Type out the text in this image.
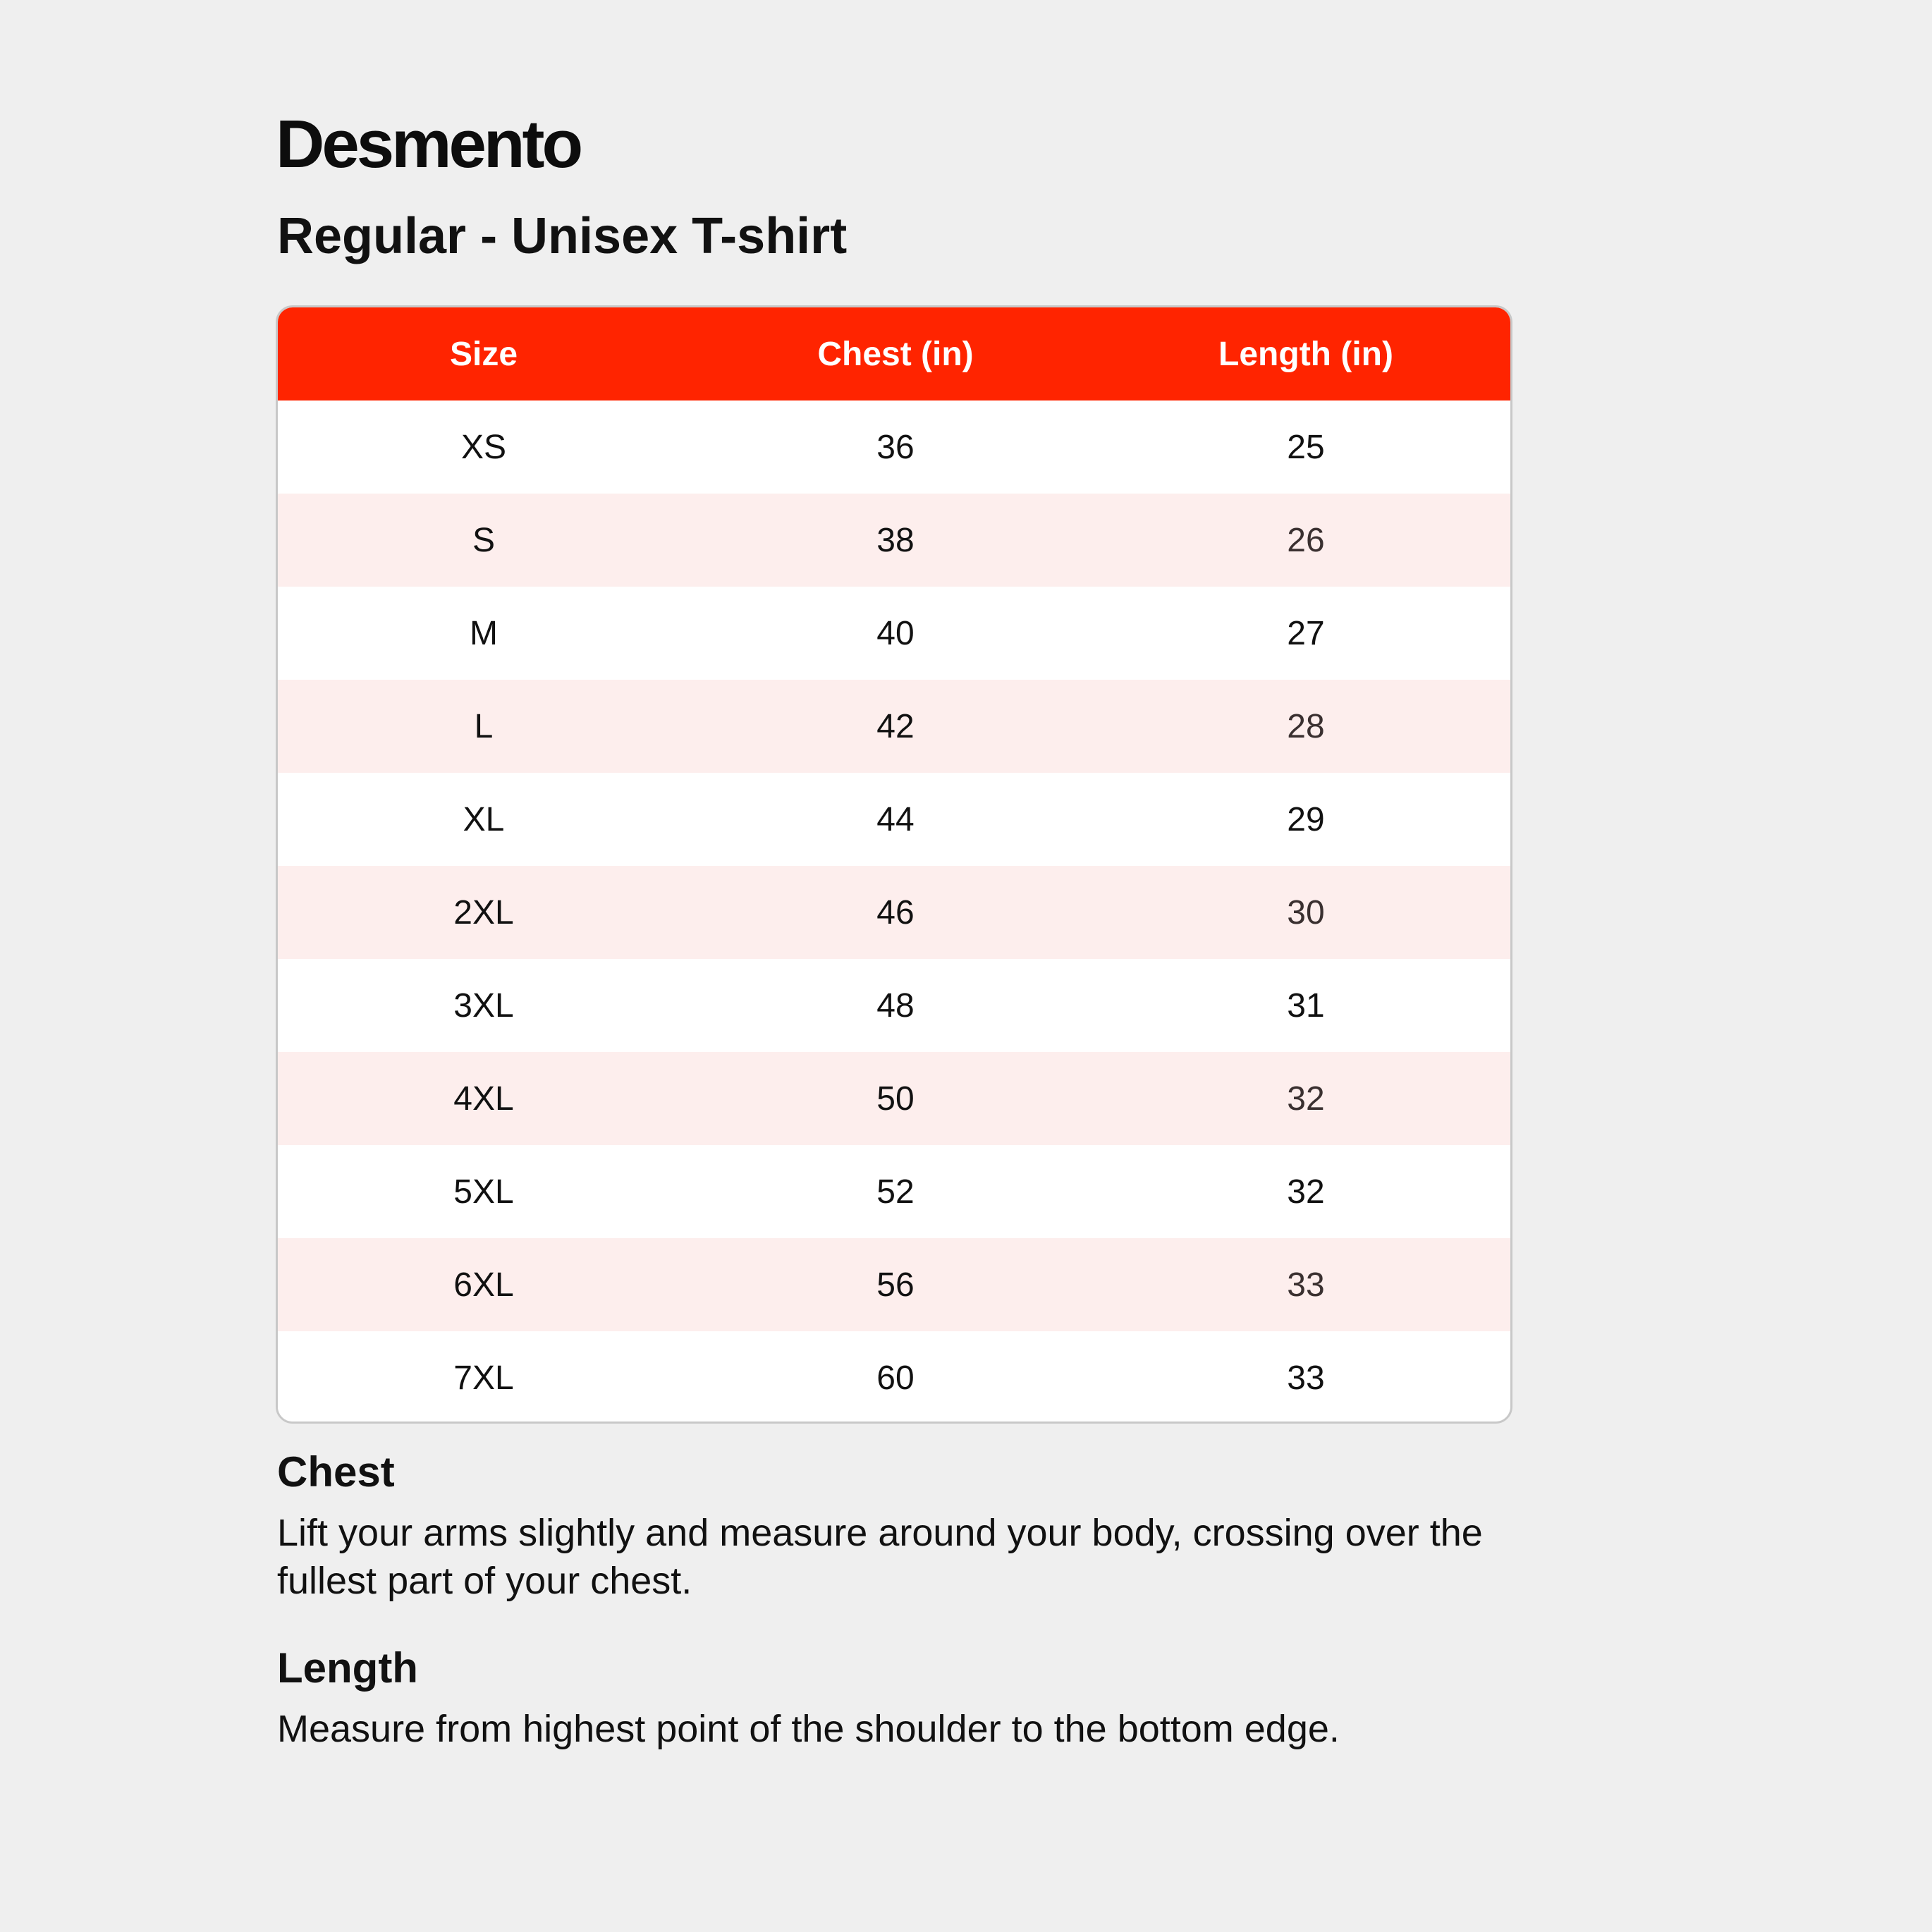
Desmento
Regular - Unisex T-shirt
Size	Chest (in)	Length (in)
XS	36	25
S	38	26
M	40	27
L	42	28
XL	44	29
2XL	46	30
3XL	48	31
4XL	50	32
5XL	52	32
6XL	56	33
7XL	60	33
Chest

Lift your arms slightly and measure around your body, crossing over the fullest part of your chest.

Length

Measure from highest point of the shoulder to the bottom edge.
